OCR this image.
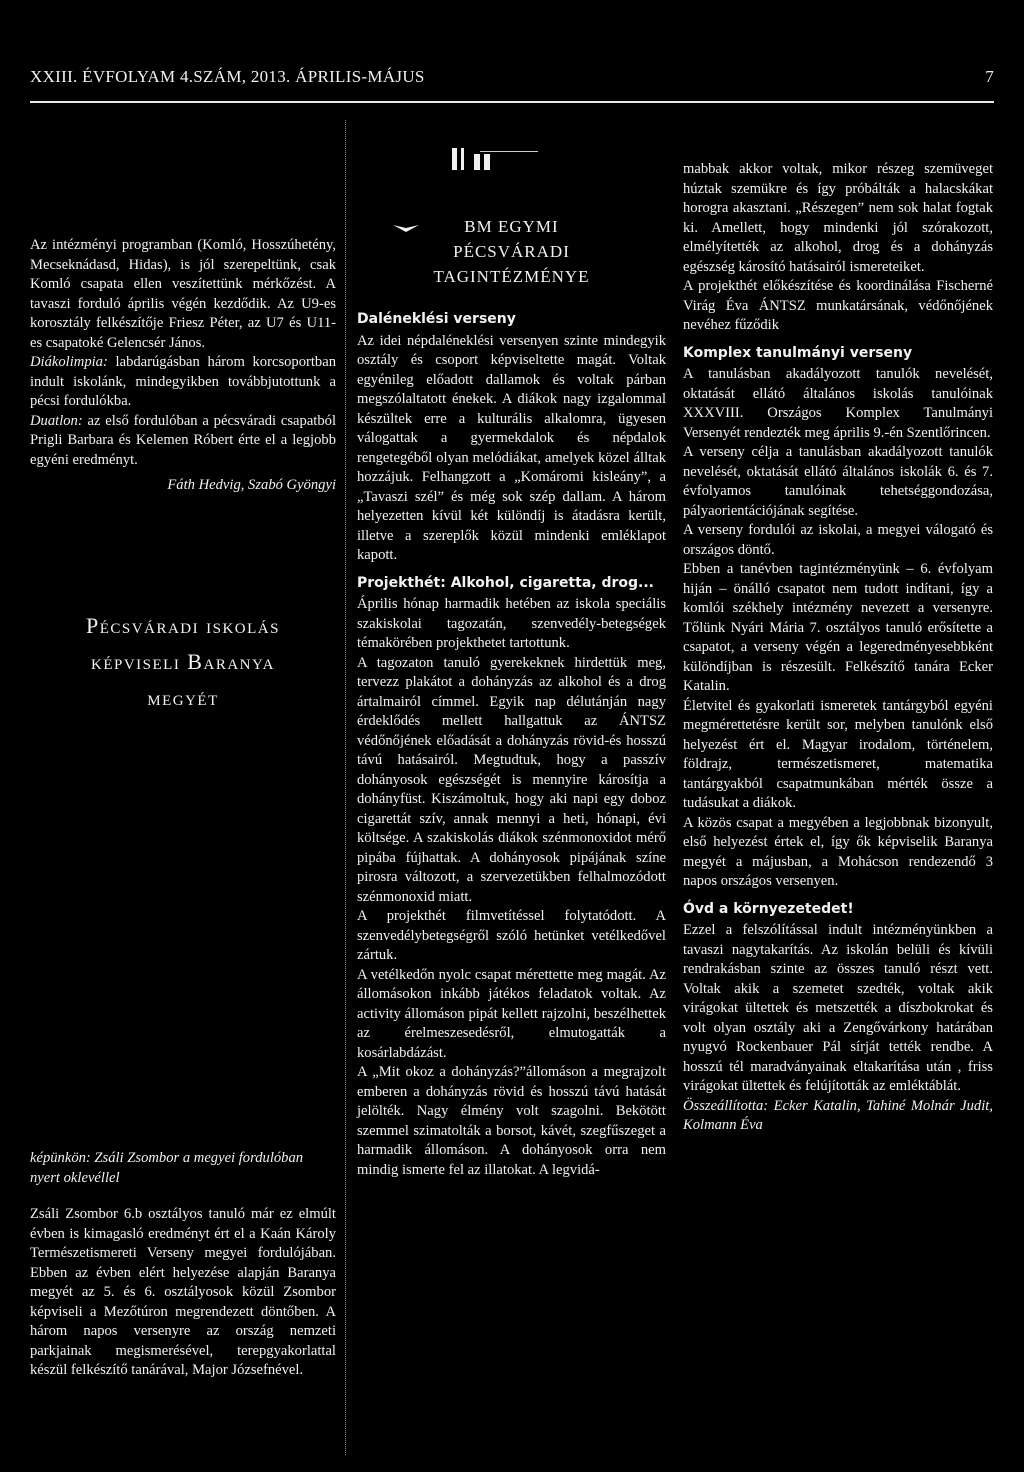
XXIII. ÉVFOLYAM 4.SZÁM, 2013. ÁPRILIS-MÁJUS	7

Az intézményi programban (Komló, Hosszúhetény, Mecseknádasd, Hidas), is jól szerepeltünk, csak Komló csapata ellen veszítettünk mérkőzést. A tavaszi forduló április végén kezdődik. Az U9-es korosztály felkészítője Friesz Péter, az U7 és U11-es csapatoké Gelencsér János.

Diákolimpia: labdarúgásban három korcsoportban indult iskolánk, mindegyikben továbbjutottunk a pécsi fordulókba.

Duatlon: az első fordulóban a pécsváradi csapatból Prigli Barbara és Kelemen Róbert érte el a legjobb egyéni eredményt.

Fáth Hedvig, Szabó Gyöngyi

Pécsváradi iskolás
képviseli Baranya
megyét
képünkön: Zsáli Zsombor a megyei fordulóban nyert oklevéllel

Zsáli Zsombor 6.b osztályos tanuló már ez elmúlt évben is kimagasló eredményt ért el a Kaán Károly Természetismereti Verseny megyei fordulójában. Ebben az évben elért helyezése alapján Baranya megyét az 5. és 6. osztályosok közül Zsombor képviseli a Mezőtúron megrendezett döntőben. A három napos versenyre az ország nemzeti parkjainak megismerésével, terepgyakorlattal készül felkészítő tanárával, Major Józsefnével.

BM EGYMI
PÉCSVÁRADI
TAGINTÉZMÉNYE

Daléneklési verseny

Az idei népdaléneklési versenyen szinte mindegyik osztály és csoport képviseltette magát. Voltak egyénileg előadott dallamok és voltak párban megszólaltatott énekek. A diákok nagy izgalommal készültek erre a kulturális alkalomra, ügyesen válogattak a gyermekdalok és népdalok rengetegéből olyan melódiákat, amelyek közel álltak hozzájuk. Felhangzott a „Komáromi kisleány”, a „Tavaszi szél” és még sok szép dallam. A három helyezetten kívül két különdíj is átadásra került, illetve a szereplők közül mindenki emléklapot kapott.

Projekthét: Alkohol, cigaretta, drog...

Április hónap harmadik hetében az iskola speciális szakiskolai tagozatán, szenvedély-betegségek témakörében projekthetet tartottunk.

A tagozaton tanuló gyerekeknek hirdettük meg, tervezz plakátot a dohányzás az alkohol és a drog ártalmairól címmel. Egyik nap délutánján nagy érdeklődés mellett hallgattuk az ÁNTSZ védőnőjének előadását a dohányzás rövid-és hosszú távú hatásairól. Megtudtuk, hogy a passzív dohányosok egészségét is mennyire károsítja a dohányfüst. Kiszámoltuk, hogy aki napi egy doboz cigarettát szív, annak mennyi a heti, hónapi, évi költsége. A szakiskolás diákok szénmonoxidot mérő pipába fújhattak. A dohányosok pipájának színe pirosra változott, a szervezetükben felhalmozódott szénmonoxid miatt.

A projekthét filmvetítéssel folytatódott. A szenvedélybetegségről szóló hetünket vetélkedővel zártuk.

A vetélkedőn nyolc csapat mérettette meg magát. Az állomásokon inkább játékos feladatok voltak. Az activity állomáson pipát kellett rajzolni, beszélhettek az érelmeszesedésről, elmutogatták a kosárlabdázást.

A „Mit okoz a dohányzás?”állomáson a megrajzolt emberen a dohányzás rövid és hosszú távú hatását jelölték. Nagy élmény volt szagolni. Bekötött szemmel szimatolták a borsot, kávét, szegfűszeget a harmadik állomáson. A dohányosok orra nem mindig ismerte fel az illatokat. A legvidá-

mabbak akkor voltak, mikor részeg szemüveget húztak szemükre és így próbálták a halacskákat horogra akasztani. „Részegen” nem sok halat fogtak ki. Amellett, hogy mindenki jól szórakozott, elmélyítették az alkohol, drog és a dohányzás egészség károsító hatásairól ismereteiket.

A projekthét előkészítése és koordinálása Fischerné Virág Éva ÁNTSZ munkatársának, védőnőjének nevéhez fűződik

Komplex tanulmányi verseny

A tanulásban akadályozott tanulók nevelését, oktatását ellátó általános iskolás tanulóinak XXXVIII. Országos Komplex Tanulmányi Versenyét rendezték meg április 9.-én Szentlőrincen.

A verseny célja a tanulásban akadályozott tanulók nevelését, oktatását ellátó általános iskolák 6. és 7. évfolyamos tanulóinak tehetséggondozása, pályaorientációjának segítése.

A verseny fordulói az iskolai, a megyei válogató és országos döntő.

Ebben a tanévben tagintézményünk – 6. évfolyam hiján – önálló csapatot nem tudott indítani, így a komlói székhely intézmény nevezett a versenyre. Tőlünk Nyári Mária 7. osztályos tanuló erősítette a csapatot, a verseny végén a legeredményesebbként különdíjban is részesült. Felkészítő tanára Ecker Katalin.

Életvitel és gyakorlati ismeretek tantárgyból egyéni megmérettetésre került sor, melyben tanulónk első helyezést ért el. Magyar irodalom, történelem, földrajz, természetismeret, matematika tantárgyakból csapatmunkában mérték össze a tudásukat a diákok.

A közös csapat a megyében a legjobbnak bizonyult, első helyezést értek el, így ők képviselik Baranya megyét a májusban, a Mohácson rendezendő 3 napos országos versenyen.

Óvd a környezetedet!

Ezzel a felszólítással indult intézményünkben a tavaszi nagytakarítás. Az iskolán belüli és kívüli rendrakásban szinte az összes tanuló részt vett. Voltak akik a szemetet szedték, voltak akik virágokat ültettek és metszették a díszbokrokat és volt olyan osztály aki a Zengővárkony határában nyugvó Rockenbauer Pál sírját tették rendbe. A hosszú tél maradványainak eltakarítása után , friss virágokat ültettek és felújították az emléktáblát.

Összeállította: Ecker Katalin, Tahiné Molnár Judit, Kolmann Éva
